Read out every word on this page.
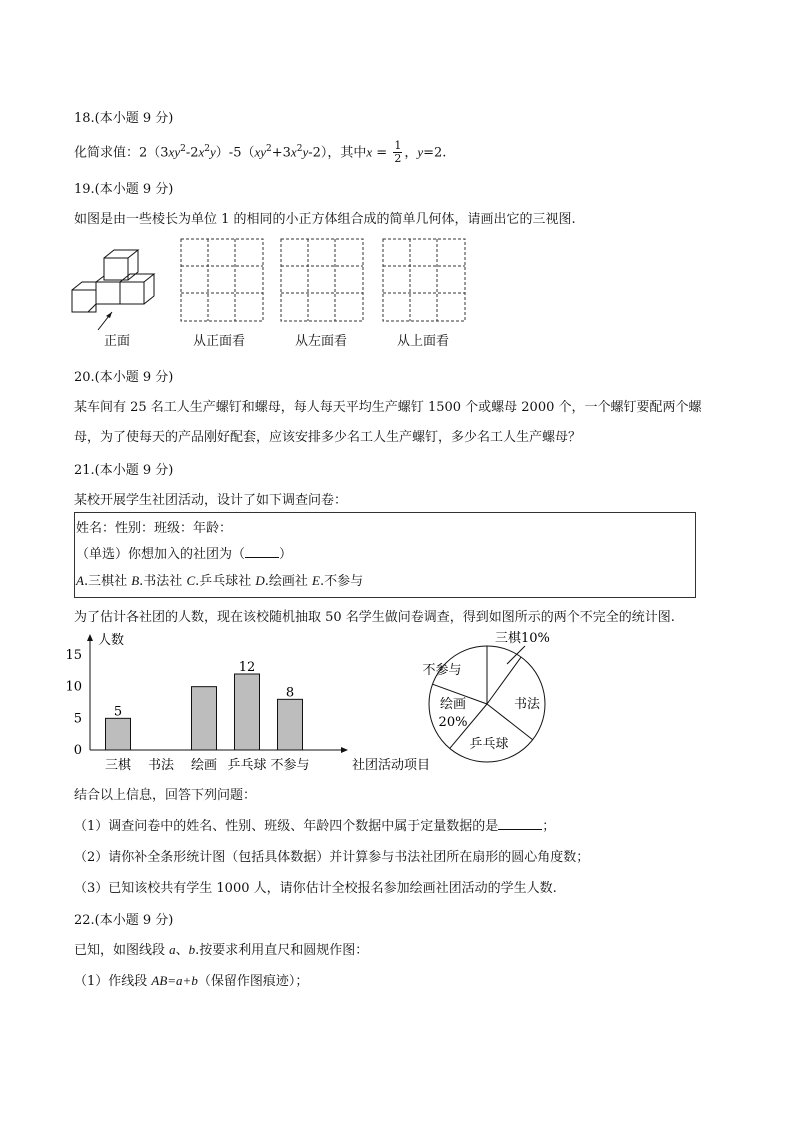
18.(本小题 9 分)
化简求值：$2(3xy^2-2x^2y)-5(xy^2+3x^2y-2)$，其中$x = \frac{1}{2}$ ，y=2.
19.(本小题 9 分)
如图是由一些棱长为单位 1 的相同的小正方体组合成的简单几何体，请画出它的三视图.
正面	从正面看	从左面看	从上面看
20.(本小题 9 分)
某车间有 25 名工人生产螺钉和螺母，每人每天平均生产螺钉 1500 个或螺母 2000 个，一个螺钉要配两个螺
母，为了使每天的产品刚好配套，应该安排多少名工人生产螺钉，多少名工人生产螺母？
21.(本小题 9 分)
某校开展学生社团活动，设计了如下调查问卷：
姓名：性别：班级：年龄：
（单选）你想加入的社团为（	）
A.三棋社 B.书法社 C.乒乓球社 D.绘画社 E.不参与
为了估计各社团的人数，现在该校随机抽取 50 名学生做问卷调查，得到如图所示的两个不完全的统计图.
人数
0
5
10
15
5
三棋 书法 绘画
12
乒乓球
8
不参与	社团活动项目
三棋10%
书法
乒乓球
绘画
20%
不参与
结合以上信息，回答下列问题：
（1）调查问卷中的姓名、性别、班级、年龄四个数据中属于定量数据的是	；
（2）请你补全条形统计图（包括具体数据）并计算参与书法社团所在扇形的圆心角度数；
（3）已知该校共有学生 1000 人，请你估计全校报名参加绘画社团活动的学生人数.
22.(本小题 9 分)
已知，如图线段 a、b.按要求利用直尺和圆规作图：
（1）作线段 AB=a+b（保留作图痕迹）；
